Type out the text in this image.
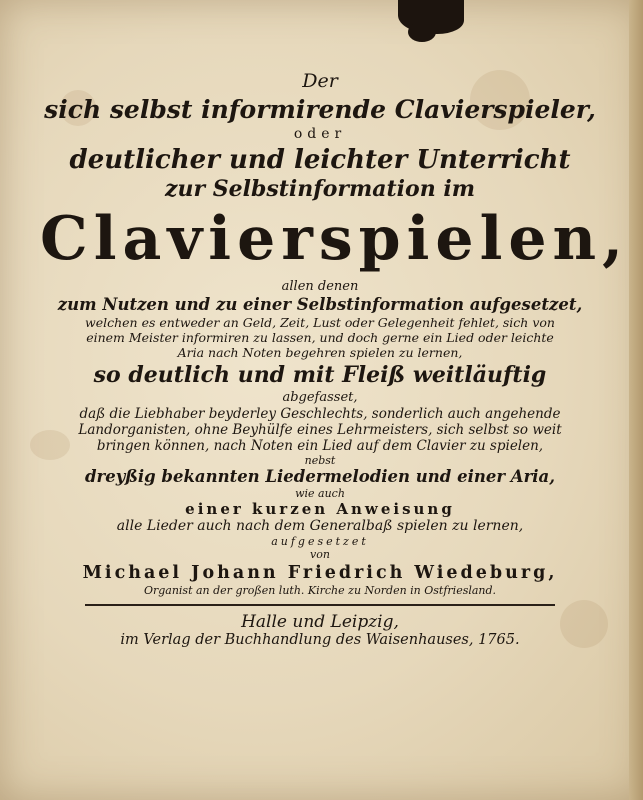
Der
sich selbst informirende Clavierspieler,
oder
deutlicher und leichter Unterricht
zur Selbstinformation im
Clavierspielen,
allen denen
zum Nutzen und zu einer Selbstinformation aufgesetzet,
welchen es entweder an Geld, Zeit, Lust oder Gelegenheit fehlet, sich von
einem Meister informiren zu lassen, und doch gerne ein Lied oder leichte
Aria nach Noten begehren spielen zu lernen,
so deutlich und mit Fleiß weitläuftig
abgefasset,
daß die Liebhaber beyderley Geschlechts, sonderlich auch angehende
Landorganisten, ohne Beyhülfe eines Lehrmeisters, sich selbst so weit
bringen können, nach Noten ein Lied auf dem Clavier zu spielen,
nebst
dreyßig bekannten Liedermelodien und einer Aria,
wie auch
einer kurzen Anweisung
alle Lieder auch nach dem Generalbaß spielen zu lernen,
aufgesetzet
von
Michael Johann Friedrich Wiedeburg,
Organist an der großen luth. Kirche zu Norden in Ostfriesland.
Halle und Leipzig,
im Verlag der Buchhandlung des Waisenhauses, 1765.
